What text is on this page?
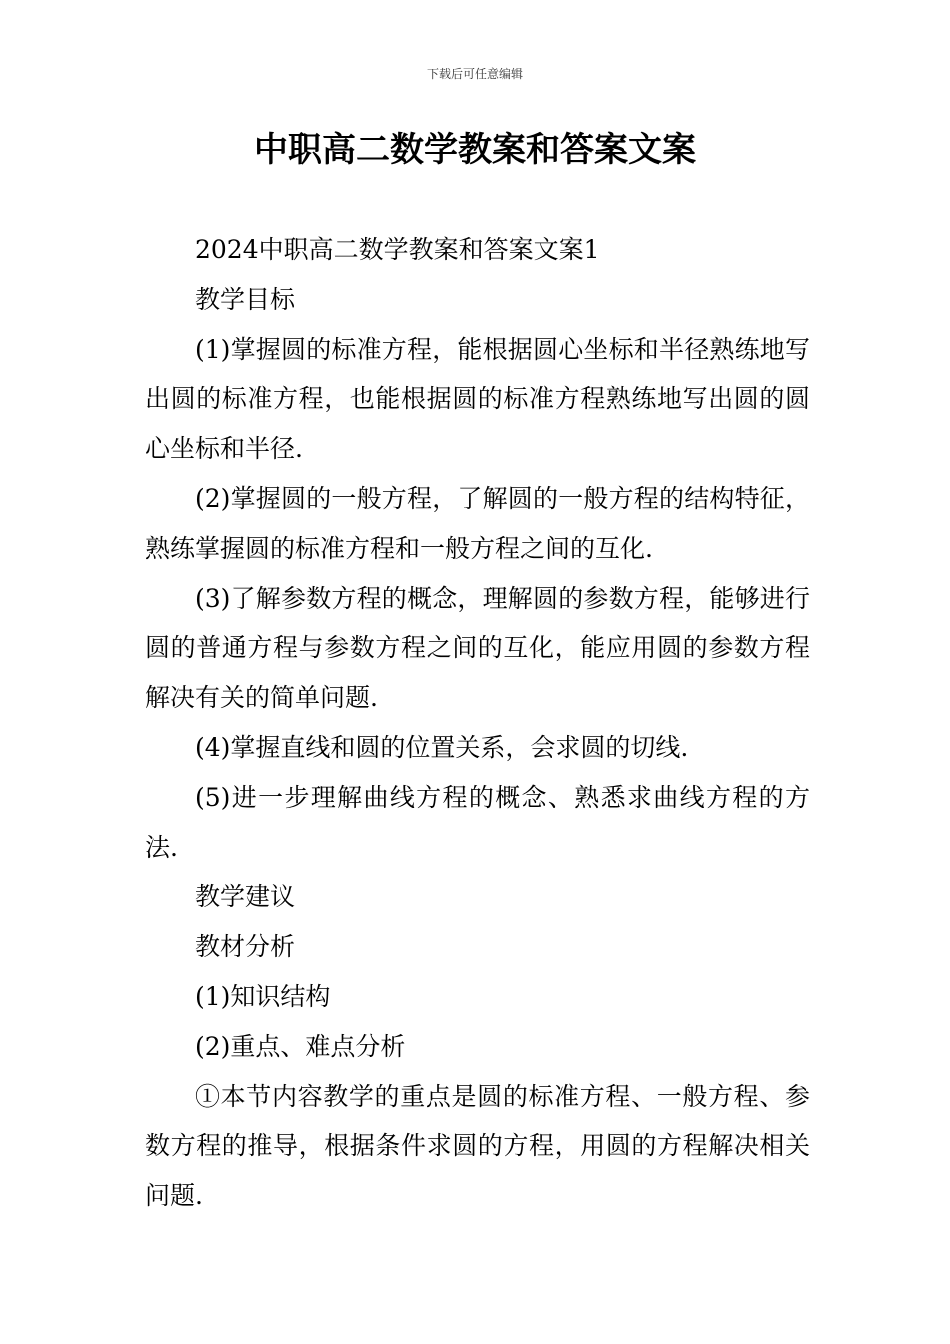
下载后可任意编辑
中职高二数学教案和答案文案

2024中职高二数学教案和答案文案1

教学目标

(1)掌握圆的标准方程，能根据圆心坐标和半径熟练地写出圆的标准方程，也能根据圆的标准方程熟练地写出圆的圆心坐标和半径.

(2)掌握圆的一般方程，了解圆的一般方程的结构特征，熟练掌握圆的标准方程和一般方程之间的互化.

(3)了解参数方程的概念，理解圆的参数方程，能够进行圆的普通方程与参数方程之间的互化，能应用圆的参数方程解决有关的简单问题.

(4)掌握直线和圆的位置关系，会求圆的切线.

(5)进一步理解曲线方程的概念、熟悉求曲线方程的方法.

教学建议

教材分析

(1)知识结构

(2)重点、难点分析

①本节内容教学的重点是圆的标准方程、一般方程、参数方程的推导，根据条件求圆的方程，用圆的方程解决相关问题.
